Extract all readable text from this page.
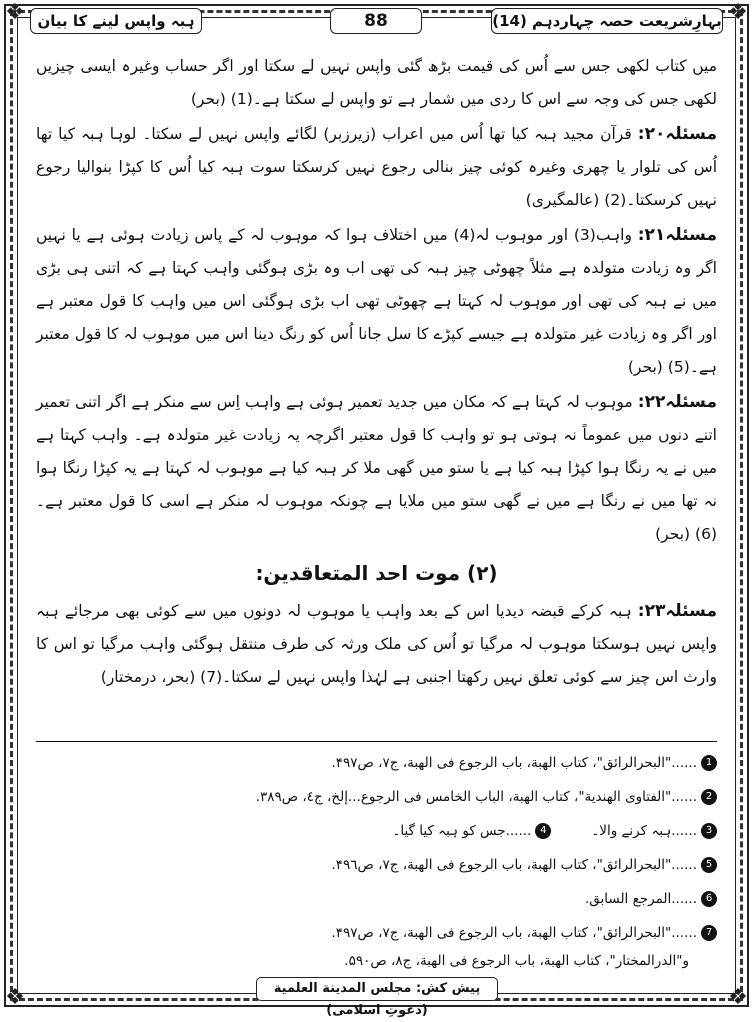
❖	❖
❖	❖
بہارِشریعت حصہ چہاردہم (14)
88
ہبہ واپس لینے کا بیان

میں کتاب لکھی جس سے اُس کی قیمت بڑھ گئی واپس نہیں لے سکتا اور اگر حساب وغیرہ ایسی چیزیں لکھی جس کی وجہ سے اس کا ردی میں شمار ہے تو واپس لے سکتا ہے۔(1) (بحر)

مسئلہ۲۰: قرآن مجید ہبہ کیا تھا اُس میں اعراب (زیرزبر) لگائے واپس نہیں لے سکتا۔ لوہا ہبہ کیا تھا اُس کی تلوار یا چھری وغیرہ کوئی چیز بنالی رجوع نہیں کرسکتا سوت ہبہ کیا اُس کا کپڑا بنوالیا رجوع نہیں کرسکتا۔(2) (عالمگیری)

مسئلہ۲۱: واہب(3) اور موہوب لہ(4) میں اختلاف ہوا کہ موہوب لہ کے پاس زیادت ہوئی ہے یا نہیں اگر وہ زیادت متولدہ ہے مثلاً چھوٹی چیز ہبہ کی تھی اب وہ بڑی ہوگئی واہب کہتا ہے کہ اتنی ہی بڑی میں نے ہبہ کی تھی اور موہوب لہ کہتا ہے چھوٹی تھی اب بڑی ہوگئی اس میں واہب کا قول معتبر ہے اور اگر وہ زیادت غیر متولدہ ہے جیسے کپڑے کا سل جانا اُس کو رنگ دینا اس میں موہوب لہ کا قول معتبر ہے۔(5) (بحر)

مسئلہ۲۲: موہوب لہ کہتا ہے کہ مکان میں جدید تعمیر ہوئی ہے واہب اِس سے منکر ہے اگر اتنی تعمیر اتنے دنوں میں عموماً نہ ہوتی ہو تو واہب کا قول معتبر اگرچہ یہ زیادت غیر متولدہ ہے۔ واہب کہتا ہے میں نے یہ رنگا ہوا کپڑا ہبہ کیا ہے یا ستو میں گھی ملا کر ہبہ کیا ہے موہوب لہ کہتا ہے یہ کپڑا رنگا ہوا نہ تھا میں نے رنگا ہے میں نے گھی ستو میں ملایا ہے چونکہ موہوب لہ منکر ہے اسی کا قول معتبر ہے۔(6) (بحر)

(۲) موت احد المتعاقدین:

مسئلہ۲۳: ہبہ کرکے قبضہ دیدیا اس کے بعد واہب یا موہوب لہ دونوں میں سے کوئی بھی مرجائے ہبہ واپس نہیں ہوسکتا موہوب لہ مرگیا تو اُس کی ملک ورثہ کی طرف منتقل ہوگئی واہب مرگیا تو اس کا وارث اس چیز سے کوئی تعلق نہیں رکھتا اجنبی ہے لہٰذا واپس نہیں لے سکتا۔(7) (بحر، درمختار)

1......"البحرالرائق"، کتاب الهبة، باب الرجوع فی الهبة، ج۷، ص۴۹۷.
2......"الفتاوی الهندیة"، کتاب الهبة، الباب الخامس فی الرجوع...إلخ، ج٤، ص۳۸۹.
3......ہبہ کرنے والا۔
4......جس کو ہبہ کیا گیا۔
5......"البحرالرائق"، کتاب الهبة، باب الرجوع فی الهبة، ج۷، ص۴۹٦.
6......المرجع السابق.
7......"البحرالرائق"، کتاب الهبة، باب الرجوع فی الهبة، ج۷، ص۴۹۷.
و"الدرالمختار"، کتاب الهبة، باب الرجوع فی الهبة، ج۸، ص۵۹۰.
پیش کش: مجلس المدینة العلمیة (دعوتِ اسلامی)
